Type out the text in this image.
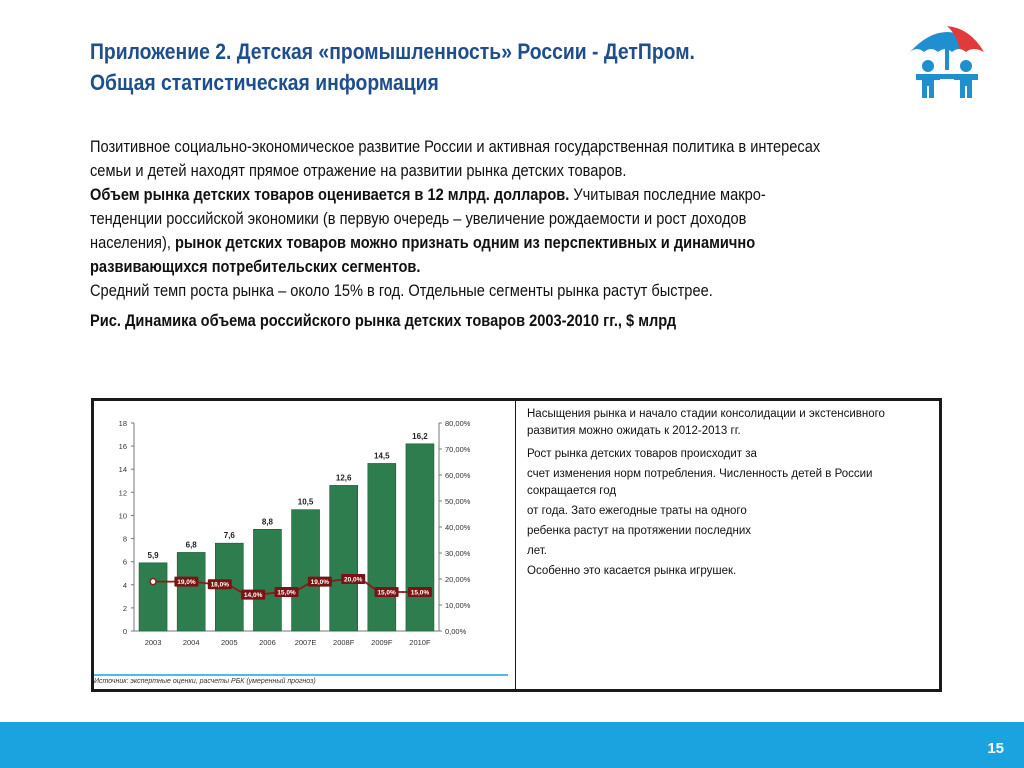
Приложение 2. Детская «промышленность» России - ДетПром.
Общая статистическая информация

Позитивное социально-экономическое развитие России и активная государственная политика в интересах семьи и детей находят прямое отражение на развитии рынка детских товаров.

Объем рынка детских товаров оценивается в 12 млрд. долларов. Учитывая последние макро-тенденции российской экономики (в первую очередь – увеличение рождаемости и рост доходов населения), рынок детских товаров можно признать одним из перспективных и динамично развивающихся потребительских сегментов.

Средний темп роста рынка – около 15% в год. Отдельные сегменты рынка растут быстрее.

Рис. Динамика объема российского рынка детских товаров 2003-2010 гг., $ млрд
0
2
4
6
8
10
12
14
16
18
0,00%
10,00%
20,00%
30,00%
40,00%
50,00%
60,00%
70,00%
80,00%
5,9
2003
6,8
2004
7,6
2005
8,8
2006
10,5
2007E
12,6
2008F
14,5
2009F
16,2
2010F
19,0% 18,0%
14,0% 15,0%
19,0% 20,0%
15,0% 15,0%
Источник: экспертные оценки, расчеты РБК (умеренный прогноз)

Насыщения рынка и начало стадии консолидации и экстенсивного развития можно ожидать к 2012-2013 гг.

Рост рынка детских товаров происходит за

счет изменения норм потребления. Численность детей в России сокращается год

от года. Зато ежегодные траты на одного

ребенка растут на протяжении последних

лет.

Особенно это касается рынка игрушек.

15
